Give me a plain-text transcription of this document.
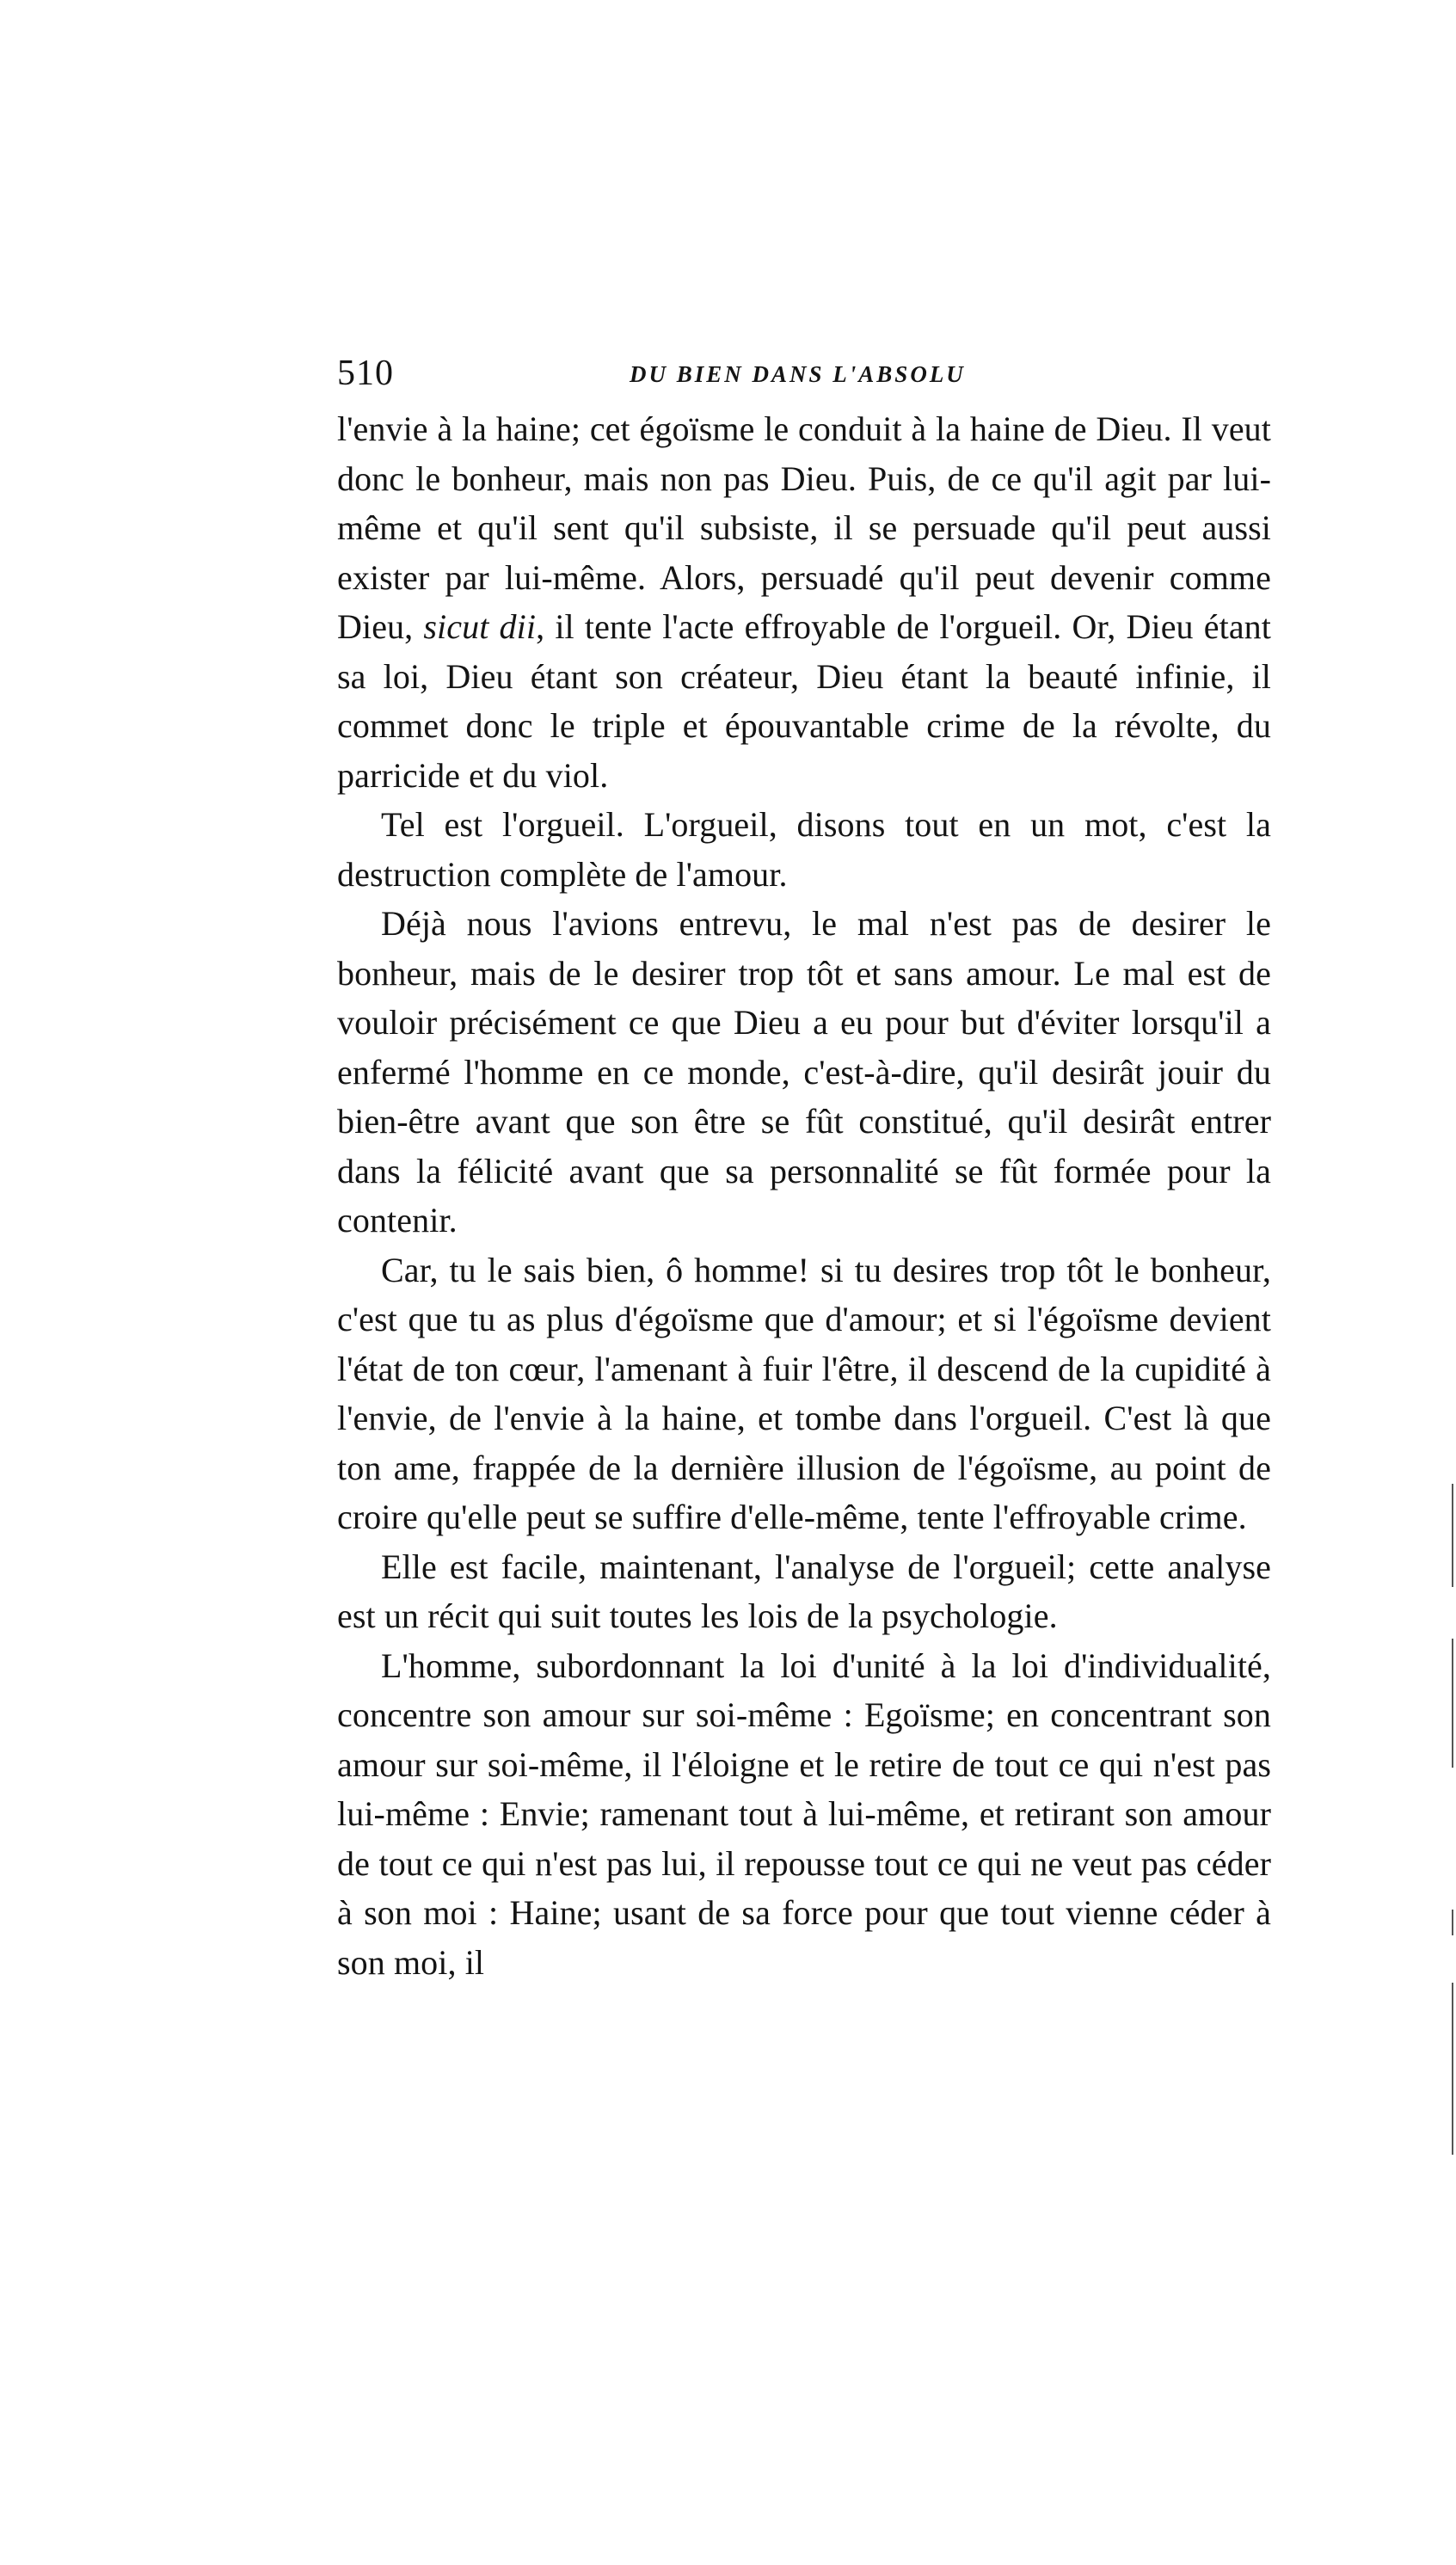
510	DU BIEN DANS L'ABSOLU

l'envie à la haine; cet égoïsme le conduit à la haine de Dieu. Il veut donc le bonheur, mais non pas Dieu. Puis, de ce qu'il agit par lui-même et qu'il sent qu'il subsiste, il se persuade qu'il peut aussi exister par lui-même. Alors, persuadé qu'il peut devenir comme Dieu, sicut dii, il tente l'acte effroyable de l'orgueil. Or, Dieu étant sa loi, Dieu étant son créateur, Dieu étant la beauté infinie, il commet donc le triple et épouvantable crime de la révolte, du parricide et du viol.

Tel est l'orgueil. L'orgueil, disons tout en un mot, c'est la destruction complète de l'amour.

Déjà nous l'avions entrevu, le mal n'est pas de desirer le bonheur, mais de le desirer trop tôt et sans amour. Le mal est de vouloir précisément ce que Dieu a eu pour but d'éviter lorsqu'il a enfermé l'homme en ce monde, c'est-à-dire, qu'il desirât jouir du bien-être avant que son être se fût constitué, qu'il desirât entrer dans la félicité avant que sa personnalité se fût formée pour la contenir.

Car, tu le sais bien, ô homme! si tu desires trop tôt le bonheur, c'est que tu as plus d'égoïsme que d'amour; et si l'égoïsme devient l'état de ton cœur, l'amenant à fuir l'être, il descend de la cupidité à l'envie, de l'envie à la haine, et tombe dans l'orgueil. C'est là que ton ame, frappée de la dernière illusion de l'égoïsme, au point de croire qu'elle peut se suffire d'elle-même, tente l'effroyable crime.

Elle est facile, maintenant, l'analyse de l'orgueil; cette analyse est un récit qui suit toutes les lois de la psychologie.

L'homme, subordonnant la loi d'unité à la loi d'individualité, concentre son amour sur soi-même : Egoïsme; en concentrant son amour sur soi-même, il l'éloigne et le retire de tout ce qui n'est pas lui-même : Envie; ramenant tout à lui-même, et retirant son amour de tout ce qui n'est pas lui, il repousse tout ce qui ne veut pas céder à son moi : Haine; usant de sa force pour que tout vienne céder à son moi, il
